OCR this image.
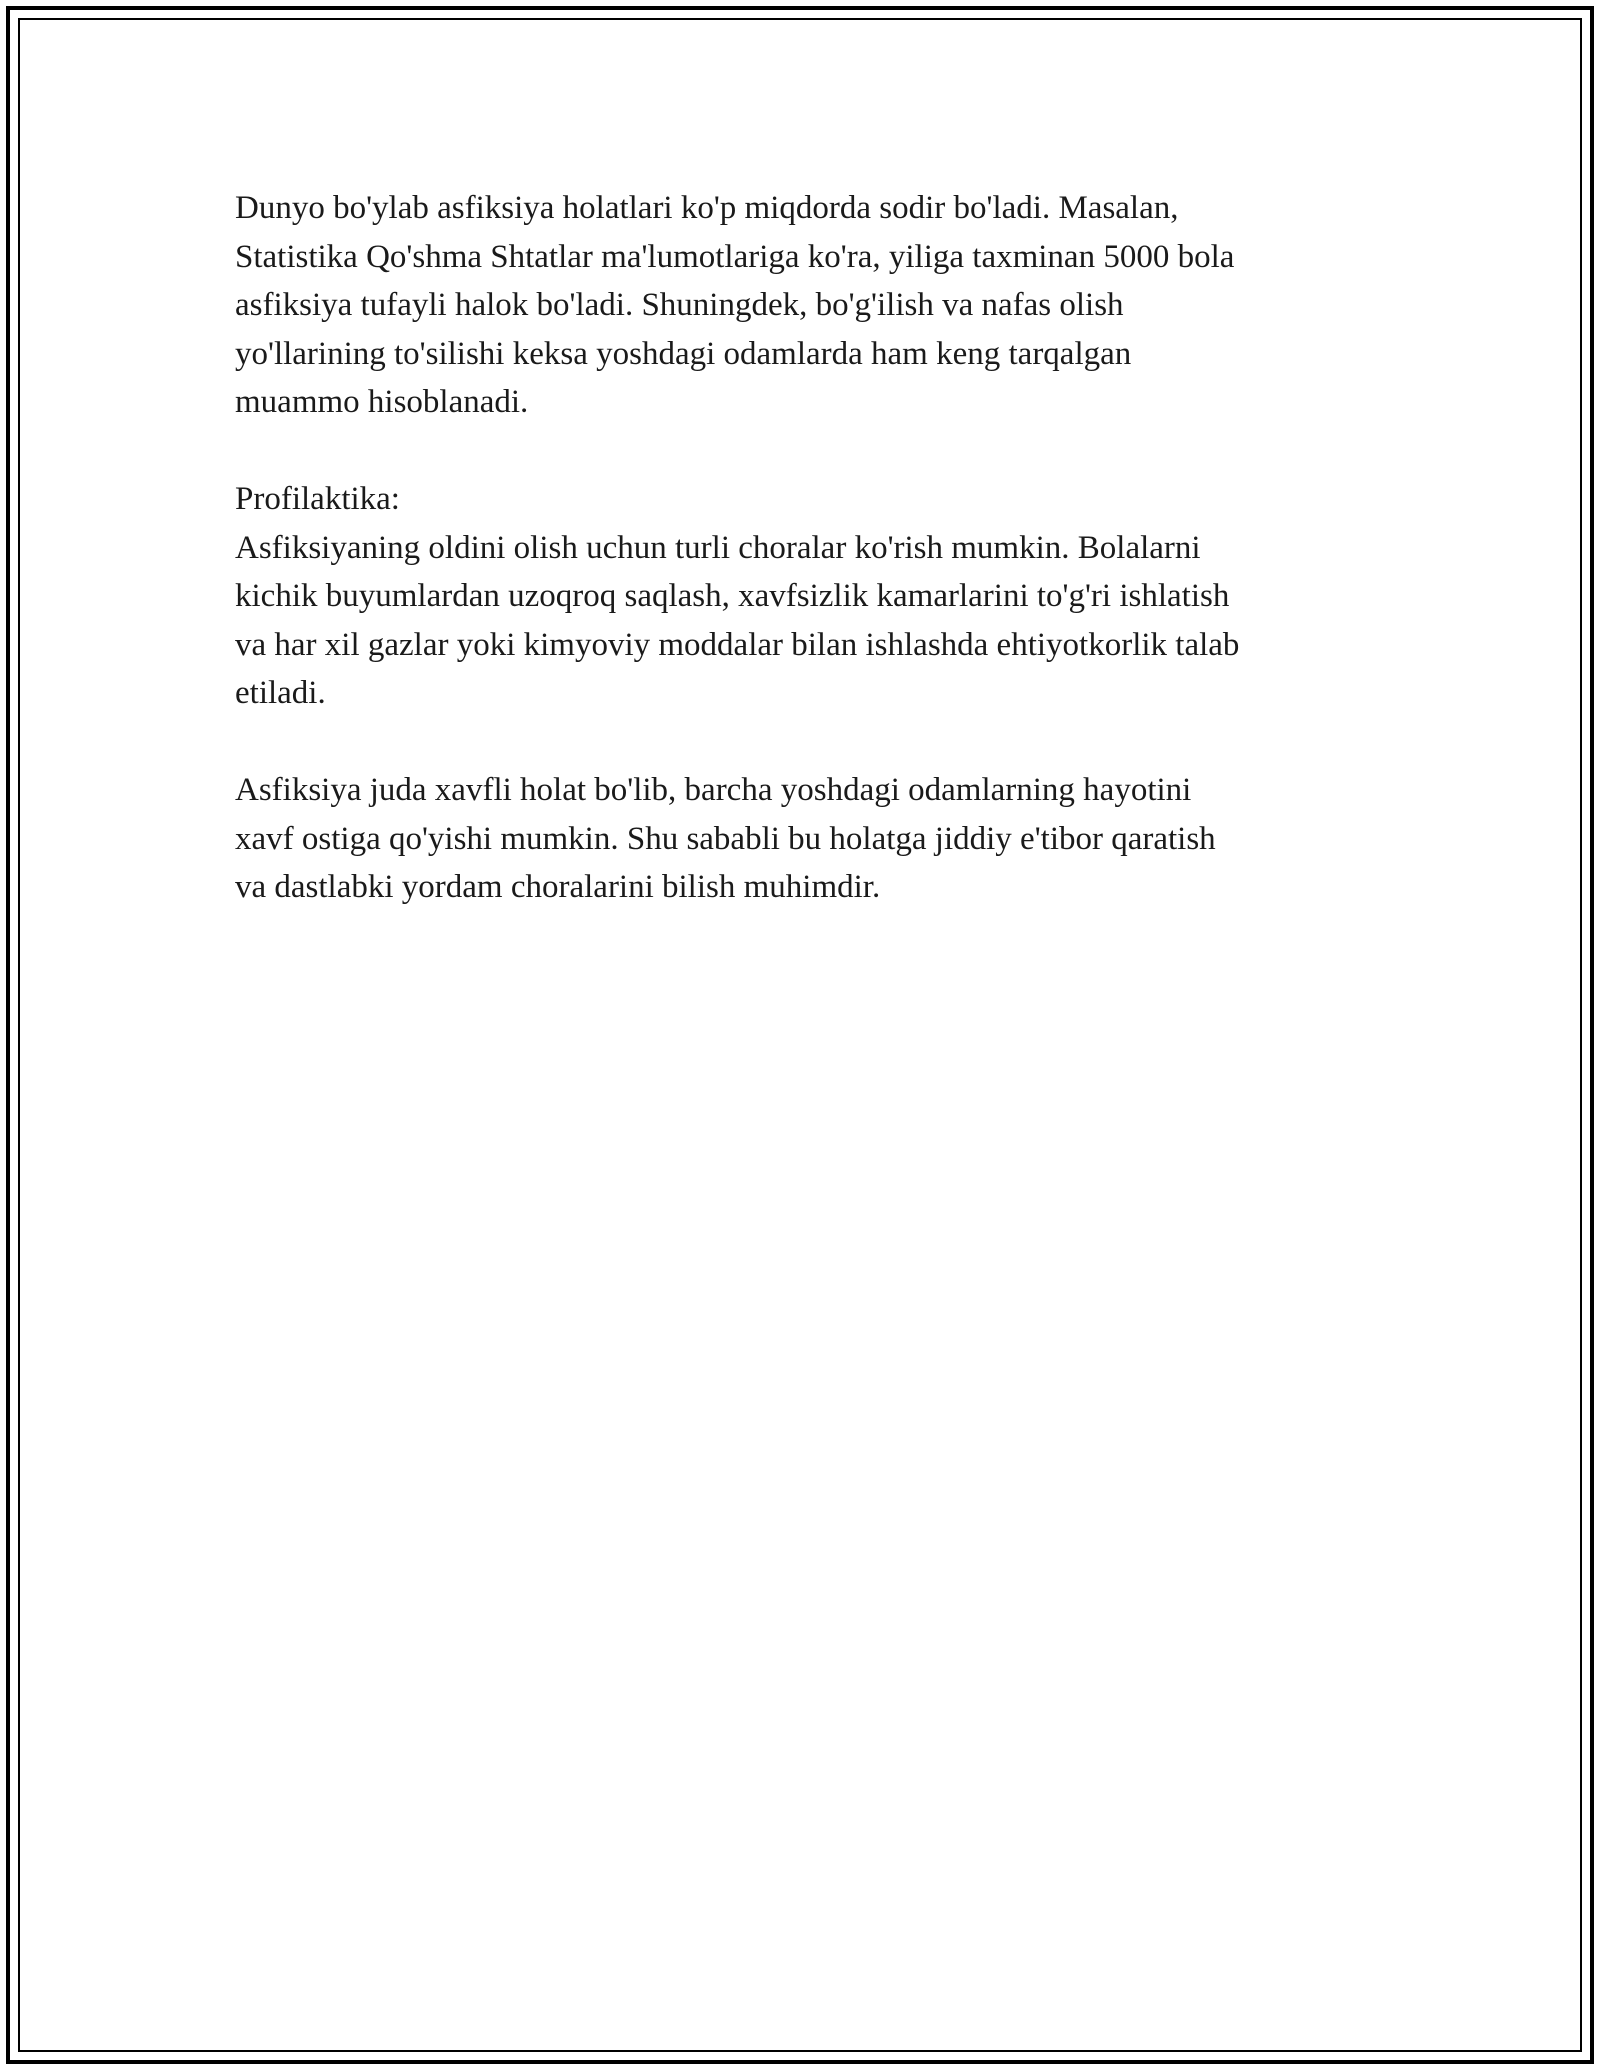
Dunyo bo'ylab asfiksiya holatlari ko'p miqdorda sodir bo'ladi. Masalan,
Statistika Qo'shma Shtatlar ma'lumotlariga ko'ra, yiliga taxminan 5000 bola
asfiksiya tufayli halok bo'ladi. Shuningdek, bo'g'ilish va nafas olish
yo'llarining to'silishi keksa yoshdagi odamlarda ham keng tarqalgan
muammo hisoblanadi.

Profilaktika:

Asfiksiyaning oldini olish uchun turli choralar ko'rish mumkin. Bolalarni
kichik buyumlardan uzoqroq saqlash, xavfsizlik kamarlarini to'g'ri ishlatish
va har xil gazlar yoki kimyoviy moddalar bilan ishlashda ehtiyotkorlik talab
etiladi.

Asfiksiya juda xavfli holat bo'lib, barcha yoshdagi odamlarning hayotini
xavf ostiga qo'yishi mumkin. Shu sababli bu holatga jiddiy e'tibor qaratish
va dastlabki yordam choralarini bilish muhimdir.
